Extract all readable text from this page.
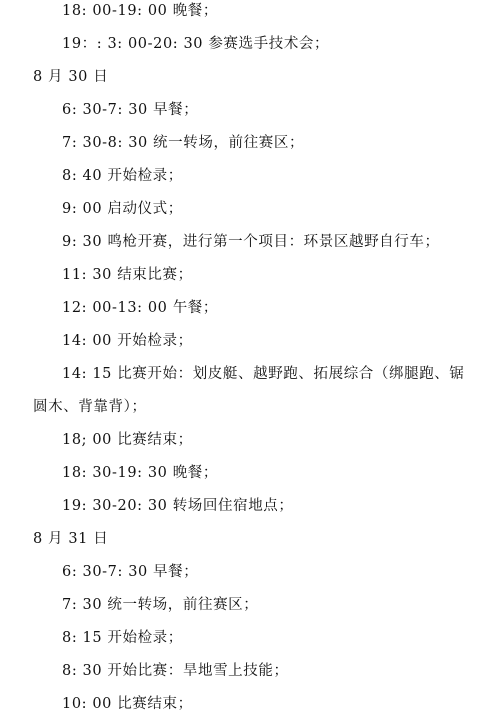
18: 00-19: 00 晚餐；
19：: 3: 00-20: 30 参赛选手技术会；
8 月 30 日
6: 30-7: 30 早餐；
7: 30-8: 30 统一转场，前往赛区；
8: 40 开始检录；
9: 00 启动仪式；
9: 30 鸣枪开赛，进行第一个项目：环景区越野自行车；
11: 30 结束比赛；
12: 00-13: 00 午餐；
14: 00 开始检录；
14: 15 比赛开始：划皮艇、越野跑、拓展综合（绑腿跑、锯
圆木、背靠背）；
18; 00 比赛结束；
18: 30-19: 30 晚餐；
19: 30-20: 30 转场回住宿地点；
8 月 31 日
6: 30-7: 30 早餐；
7: 30 统一转场，前往赛区；
8: 15 开始检录；
8: 30 开始比赛：旱地雪上技能；
10: 00 比赛结束；
